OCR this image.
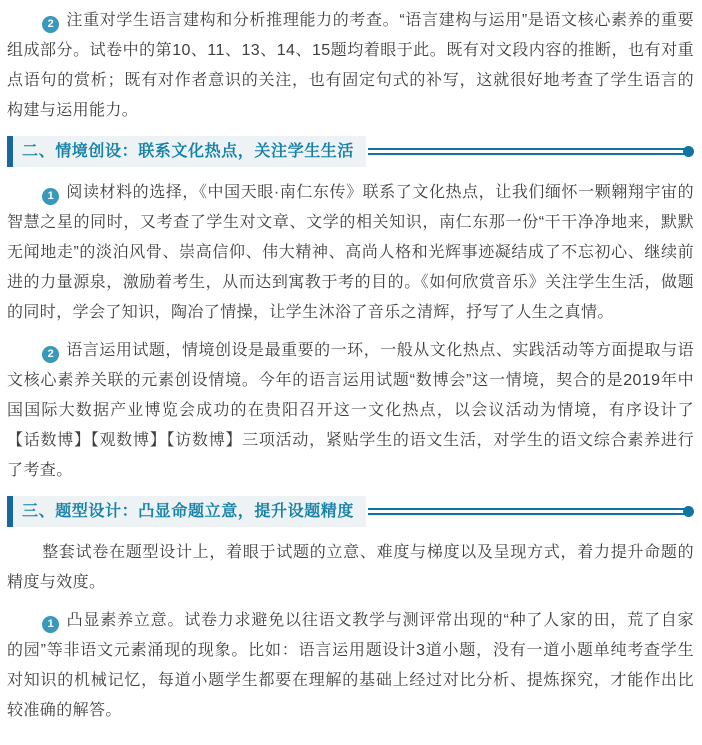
2 注重对学生语言建构和分析推理能力的考查。“语言建构与运用”是语文核心素养的重要组成部分。试卷中的第10、11、13、14、15题均着眼于此。既有对文段内容的推断，也有对重点语句的赏析；既有对作者意识的关注，也有固定句式的补写，这就很好地考查了学生语言的构建与运用能力。

二、情境创设：联系文化热点，关注学生生活

1 阅读材料的选择，《中国天眼·南仁东传》联系了文化热点，让我们缅怀一颗翱翔宇宙的智慧之星的同时，又考查了学生对文章、文学的相关知识，南仁东那一份“干干净净地来，默默无闻地走”的淡泊风骨、崇高信仰、伟大精神、高尚人格和光辉事迹凝结成了不忘初心、继续前进的力量源泉，激励着考生，从而达到寓教于考的目的。《如何欣赏音乐》关注学生生活，做题的同时，学会了知识，陶冶了情操，让学生沐浴了音乐之清辉，抒写了人生之真情。

2 语言运用试题，情境创设是最重要的一环，一般从文化热点、实践活动等方面提取与语文核心素养关联的元素创设情境。今年的语言运用试题“数博会”这一情境，契合的是2019年中国国际大数据产业博览会成功的在贵阳召开这一文化热点，以会议活动为情境，有序设计了【话数博】【观数博】【访数博】三项活动，紧贴学生的语文生活，对学生的语文综合素养进行了考查。

三、题型设计：凸显命题立意，提升设题精度

整套试卷在题型设计上，着眼于试题的立意、难度与梯度以及呈现方式，着力提升命题的精度与效度。

1 凸显素养立意。试卷力求避免以往语文教学与测评常出现的“种了人家的田，荒了自家的园”等非语文元素涌现的现象。比如：语言运用题设计3道小题，没有一道小题单纯考查学生对知识的机械记忆，每道小题学生都要在理解的基础上经过对比分析、提炼探究，才能作出比较准确的解答。
